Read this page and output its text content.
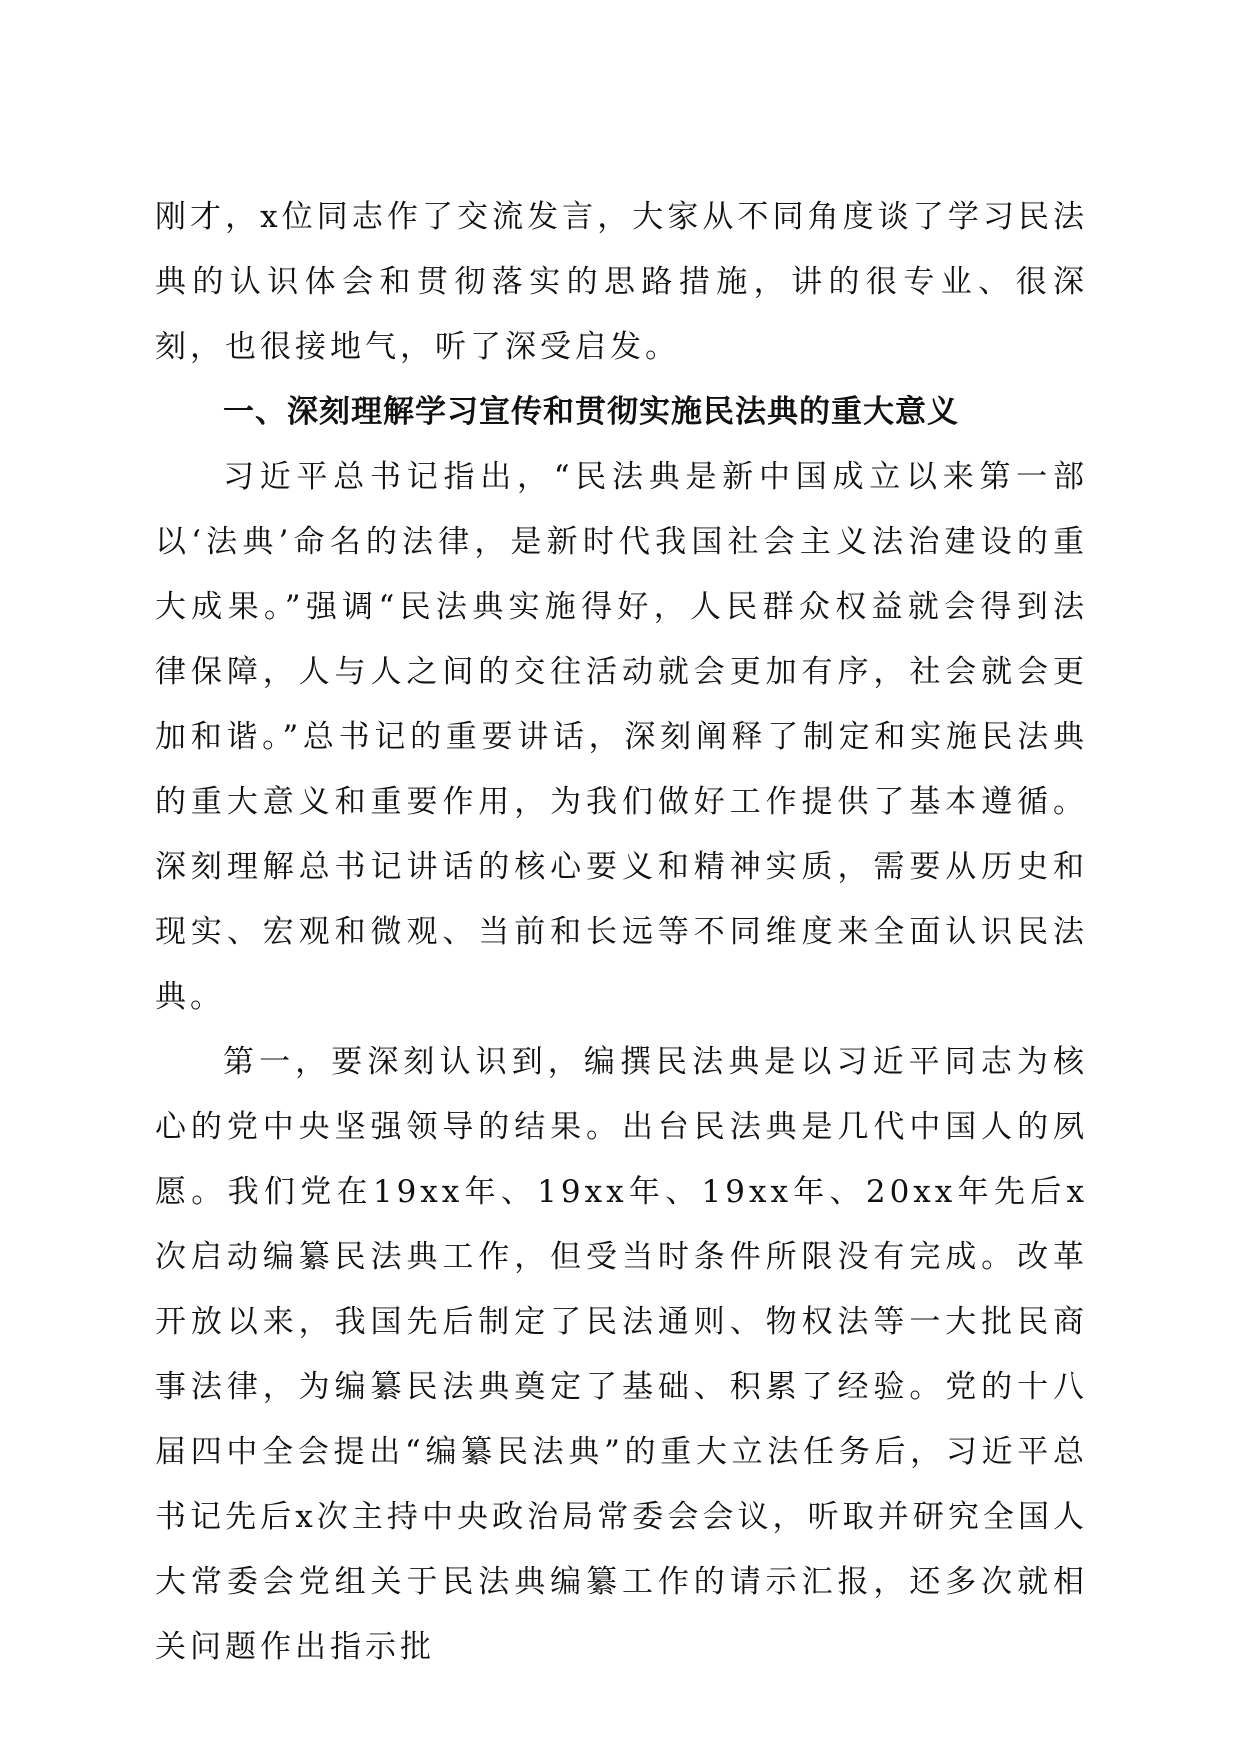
刚才，x位同志作了交流发言，大家从不同角度谈了学习民法典的认识体会和贯彻落实的思路措施，讲的很专业、很深刻，也很接地气，听了深受启发。

一、深刻理解学习宣传和贯彻实施民法典的重大意义

习近平总书记指出，“民法典是新中国成立以来第一部以‘法典’命名的法律，是新时代我国社会主义法治建设的重大成果。”强调“民法典实施得好，人民群众权益就会得到法律保障，人与人之间的交往活动就会更加有序，社会就会更加和谐。”总书记的重要讲话，深刻阐释了制定和实施民法典的重大意义和重要作用，为我们做好工作提供了基本遵循。深刻理解总书记讲话的核心要义和精神实质，需要从历史和现实、宏观和微观、当前和长远等不同维度来全面认识民法典。

第一，要深刻认识到，编撰民法典是以习近平同志为核心的党中央坚强领导的结果。出台民法典是几代中国人的夙愿。我们党在19xx年、19xx年、19xx年、20xx年先后x次启动编纂民法典工作，但受当时条件所限没有完成。改革开放以来，我国先后制定了民法通则、物权法等一大批民商事法律，为编纂民法典奠定了基础、积累了经验。党的十八届四中全会提出“编纂民法典”的重大立法任务后，习近平总书记先后x次主持中央政治局常委会会议，听取并研究全国人大常委会党组关于民法典编纂工作的请示汇报，还多次就相关问题作出指示批
